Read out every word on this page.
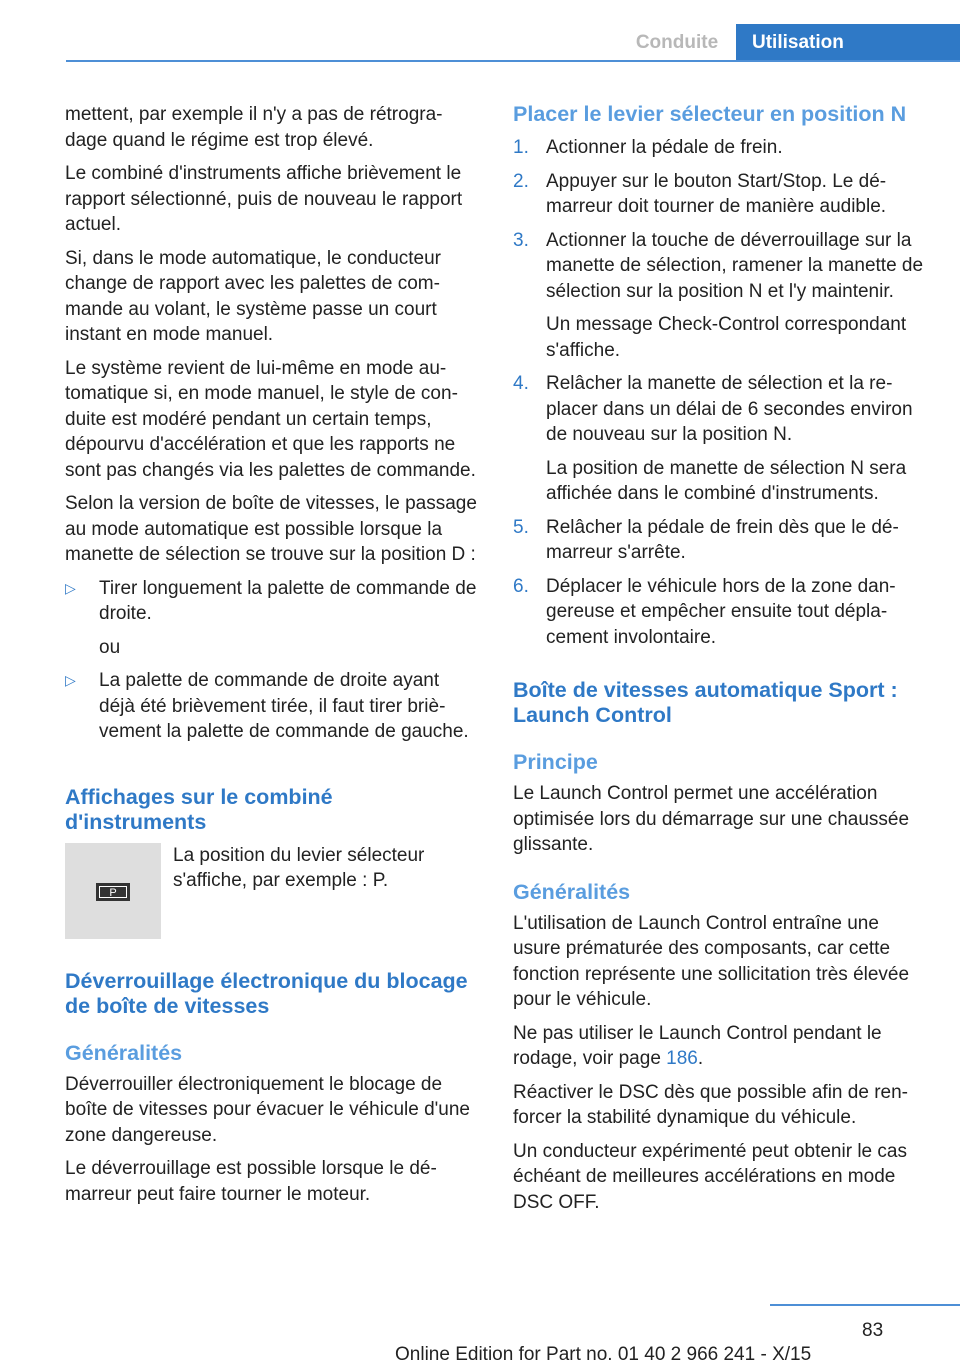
Conduite	Utilisation

mettent, par exemple il n'y a pas de rétrogradage quand le régime est trop élevé.

Le combiné d'instruments affiche brièvement le rapport sélectionné, puis de nouveau le rapport actuel.

Si, dans le mode automatique, le conducteur change de rapport avec les palettes de commande au volant, le système passe un court instant en mode manuel.

Le système revient de lui-même en mode automatique si, en mode manuel, le style de conduite est modéré pendant un certain temps, dépourvu d'accélération et que les rapports ne sont pas changés via les palettes de commande.

Selon la version de boîte de vitesses, le passage au mode automatique est possible lorsque la manette de sélection se trouve sur la position D :

▷	Tirer longuement la palette de commande de droite.
ou
▷	La palette de commande de droite ayant déjà été brièvement tirée, il faut tirer brièvement la palette de commande de gauche.
Affichages sur le combiné d'instruments
P
La position du levier sélecteur s'affiche, par exemple : P.
Déverrouillage électronique du blocage de boîte de vitesses
Généralités

Déverrouiller électroniquement le blocage de boîte de vitesses pour évacuer le véhicule d'une zone dangereuse.

Le déverrouillage est possible lorsque le démarreur peut faire tourner le moteur.

Placer le levier sélecteur en position N
1. Actionner la pédale de frein.
2. Appuyer sur le bouton Start/Stop. Le démarreur doit tourner de manière audible.
3. Actionner la touche de déverrouillage sur la manette de sélection, ramener la manette de sélection sur la position N et l'y maintenir.
Un message Check-Control correspondant s'affiche.
4. Relâcher la manette de sélection et la replacer dans un délai de 6 secondes environ de nouveau sur la position N.
La position de manette de sélection N sera affichée dans le combiné d'instruments.
5. Relâcher la pédale de frein dès que le démarreur s'arrête.
6. Déplacer le véhicule hors de la zone dangereuse et empêcher ensuite tout déplacement involontaire.
Boîte de vitesses automatique Sport : Launch Control
Principe

Le Launch Control permet une accélération optimisée lors du démarrage sur une chaussée glissante.

Généralités

L'utilisation de Launch Control entraîne une usure prématurée des composants, car cette fonction représente une sollicitation très élevée pour le véhicule.

Ne pas utiliser le Launch Control pendant le rodage, voir page 186.

Réactiver le DSC dès que possible afin de renforcer la stabilité dynamique du véhicule.

Un conducteur expérimenté peut obtenir le cas échéant de meilleures accélérations en mode DSC OFF.

83
Online Edition for Part no. 01 40 2 966 241 - X/15
